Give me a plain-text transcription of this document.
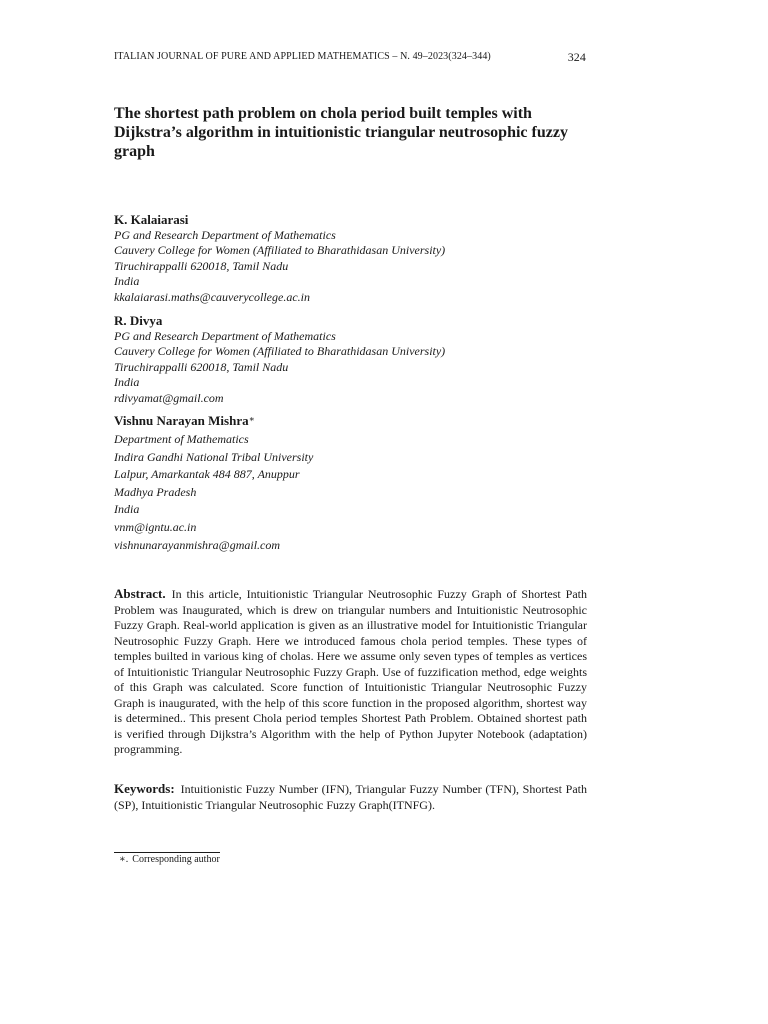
ITALIAN JOURNAL OF PURE AND APPLIED MATHEMATICS – N. 49–2023(324–344)	324
The shortest path problem on chola period built temples with Dijkstra’s algorithm in intuitionistic triangular neutrosophic fuzzy graph
K. Kalaiarasi
PG and Research Department of Mathematics
Cauvery College for Women (Affiliated to Bharathidasan University)
Tiruchirappalli 620018, Tamil Nadu
India
kkalaiarasi.maths@cauverycollege.ac.in
R. Divya
PG and Research Department of Mathematics
Cauvery College for Women (Affiliated to Bharathidasan University)
Tiruchirappalli 620018, Tamil Nadu
India
rdivyamat@gmail.com
Vishnu Narayan Mishra∗
Department of Mathematics
Indira Gandhi National Tribal University
Lalpur, Amarkantak 484 887, Anuppur
Madhya Pradesh
India
vnm@igntu.ac.in
vishnunarayanmishra@gmail.com

Abstract. In this article, Intuitionistic Triangular Neutrosophic Fuzzy Graph of Shortest Path Problem was Inaugurated, which is drew on triangular numbers and Intuitionistic Neutrosophic Fuzzy Graph. Real-world application is given as an illustrative model for Intuitionistic Triangular Neutrosophic Fuzzy Graph. Here we introduced famous chola period temples. These types of temples builted in various king of cholas. Here we assume only seven types of temples as vertices of Intuitionistic Triangular Neutrosophic Fuzzy Graph. Use of fuzzification method, edge weights of this Graph was calculated. Score function of Intuitionistic Triangular Neutrosophic Fuzzy Graph is inaugurated, with the help of this score function in the proposed algorithm, shortest way is determined.. This present Chola period temples Shortest Path Problem. Obtained shortest path is verified through Dijkstra’s Algorithm with the help of Python Jupyter Notebook (adaptation) programming.

Keywords: Intuitionistic Fuzzy Number (IFN), Triangular Fuzzy Number (TFN), Shortest Path (SP), Intuitionistic Triangular Neutrosophic Fuzzy Graph(ITNFG).

∗. Corresponding author
